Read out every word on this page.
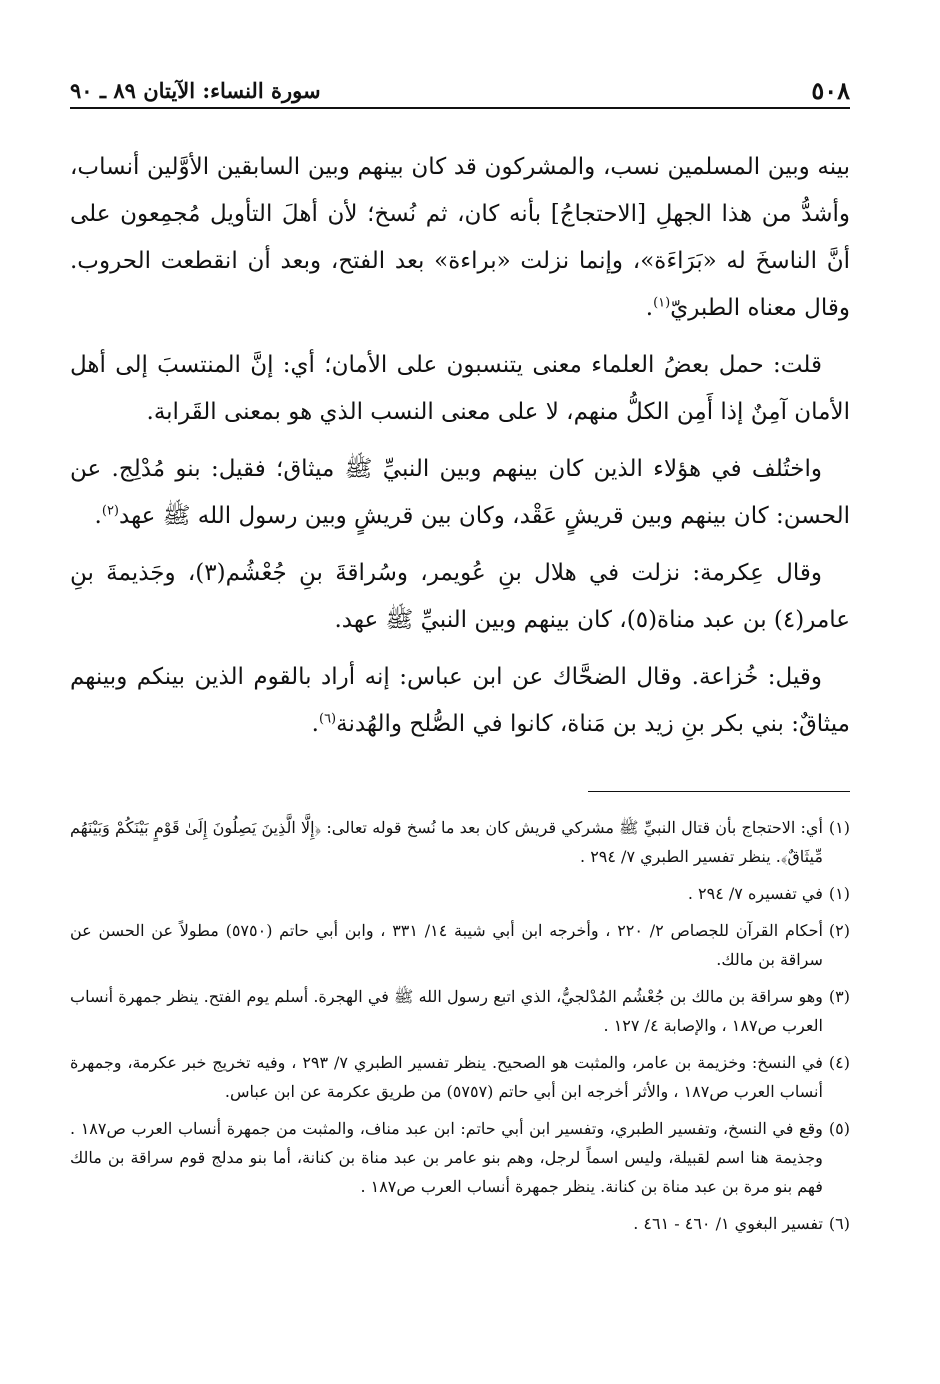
٥٠٨
سورة النساء: الآيتان ٨٩ ـ ٩٠

بينه وبين المسلمين نسب، والمشركون قد كان بينهم وبين السابقين الأوَّلين أنساب، وأشدُّ من هذا الجهلِ [الاحتجاجُ] بأنه كان، ثم نُسخ؛ لأن أهلَ التأويل مُجمِعون على أنَّ الناسخَ له «بَرَاءَة»، وإنما نزلت «براءة» بعد الفتح، وبعد أن انقطعت الحروب. وقال معناه الطبريّ$^{(١)}$.

قلت: حمل بعضُ العلماء معنى يتنسبون على الأمان؛ أي: إنَّ المنتسبَ إلى أهل الأمان آمِنٌ إذا أَمِن الكلُّ منهم، لا على معنى النسب الذي هو بمعنى القَرابة.

واختُلف في هؤلاء الذين كان بينهم وبين النبيِّ ﷺ ميثاق؛ فقيل: بنو مُدْلِج. عن الحسن: كان بينهم وبين قريشٍ عَقْد، وكان بين قريشٍ وبين رسول الله ﷺ عهد$^{(٢)}$.

وقال عِكرمة: نزلت في هلال بنِ عُويمر، وسُراقةَ بنِ جُعْشُم(٣)، وجَذيمةَ بنِ عامر(٤) بن عبد مناة(٥)، كان بينهم وبين النبيِّ ﷺ عهد.

وقيل: خُزاعة. وقال الضحَّاك عن ابن عباس: إنه أراد بالقوم الذين بينكم وبينهم ميثاقٌ: بني بكر بنِ زيد بن مَناة، كانوا في الصُّلح والهُدنة$^{(٦)}$.

(١)
أي: الاحتجاج بأن قتال النبيِّ ﷺ مشركي قريش كان بعد ما نُسخ قوله تعالى: ﴿إِلَّا الَّذِينَ يَصِلُونَ إِلَىٰ قَوْمٍ بَيْنَكُمْ وَبَيْنَهُم مِّيثَاقٌ﴾. ينظر تفسير الطبري ٧/ ٢٩٤ .
(١)
في تفسيره ٧/ ٢٩٤ .
(٢)
أحكام القرآن للجصاص ٢/ ٢٢٠ ، وأخرجه ابن أبي شيبة ١٤/ ٣٣١ ، وابن أبي حاتم (٥٧٥٠) مطولاً عن الحسن عن سراقة بن مالك.
(٣)
وهو سراقة بن مالك بن جُعْشُم المُدْلجيُّ، الذي اتبع رسول الله ﷺ في الهجرة. أسلم يوم الفتح. ينظر جمهرة أنساب العرب ص١٨٧ ، والإصابة ٤/ ١٢٧ .
(٤)
في النسخ: وخزيمة بن عامر، والمثبت هو الصحيح. ينظر تفسير الطبري ٧/ ٢٩٣ ، وفيه تخريج خبر عكرمة، وجمهرة أنساب العرب ص١٨٧ ، والأثر أخرجه ابن أبي حاتم (٥٧٥٧) من طريق عكرمة عن ابن عباس.
(٥)
وقع في النسخ، وتفسير الطبري، وتفسير ابن أبي حاتم: ابن عبد مناف، والمثبت من جمهرة أنساب العرب ص١٨٧ . وجذيمة هنا اسم لقبيلة، وليس اسماً لرجل، وهم بنو عامر بن عبد مناة بن كنانة، أما بنو مدلج قوم سراقة بن مالك فهم بنو مرة بن عبد مناة بن كنانة. ينظر جمهرة أنساب العرب ص١٨٧ .
(٦)
تفسير البغوي ١/ ٤٦٠ - ٤٦١ .
